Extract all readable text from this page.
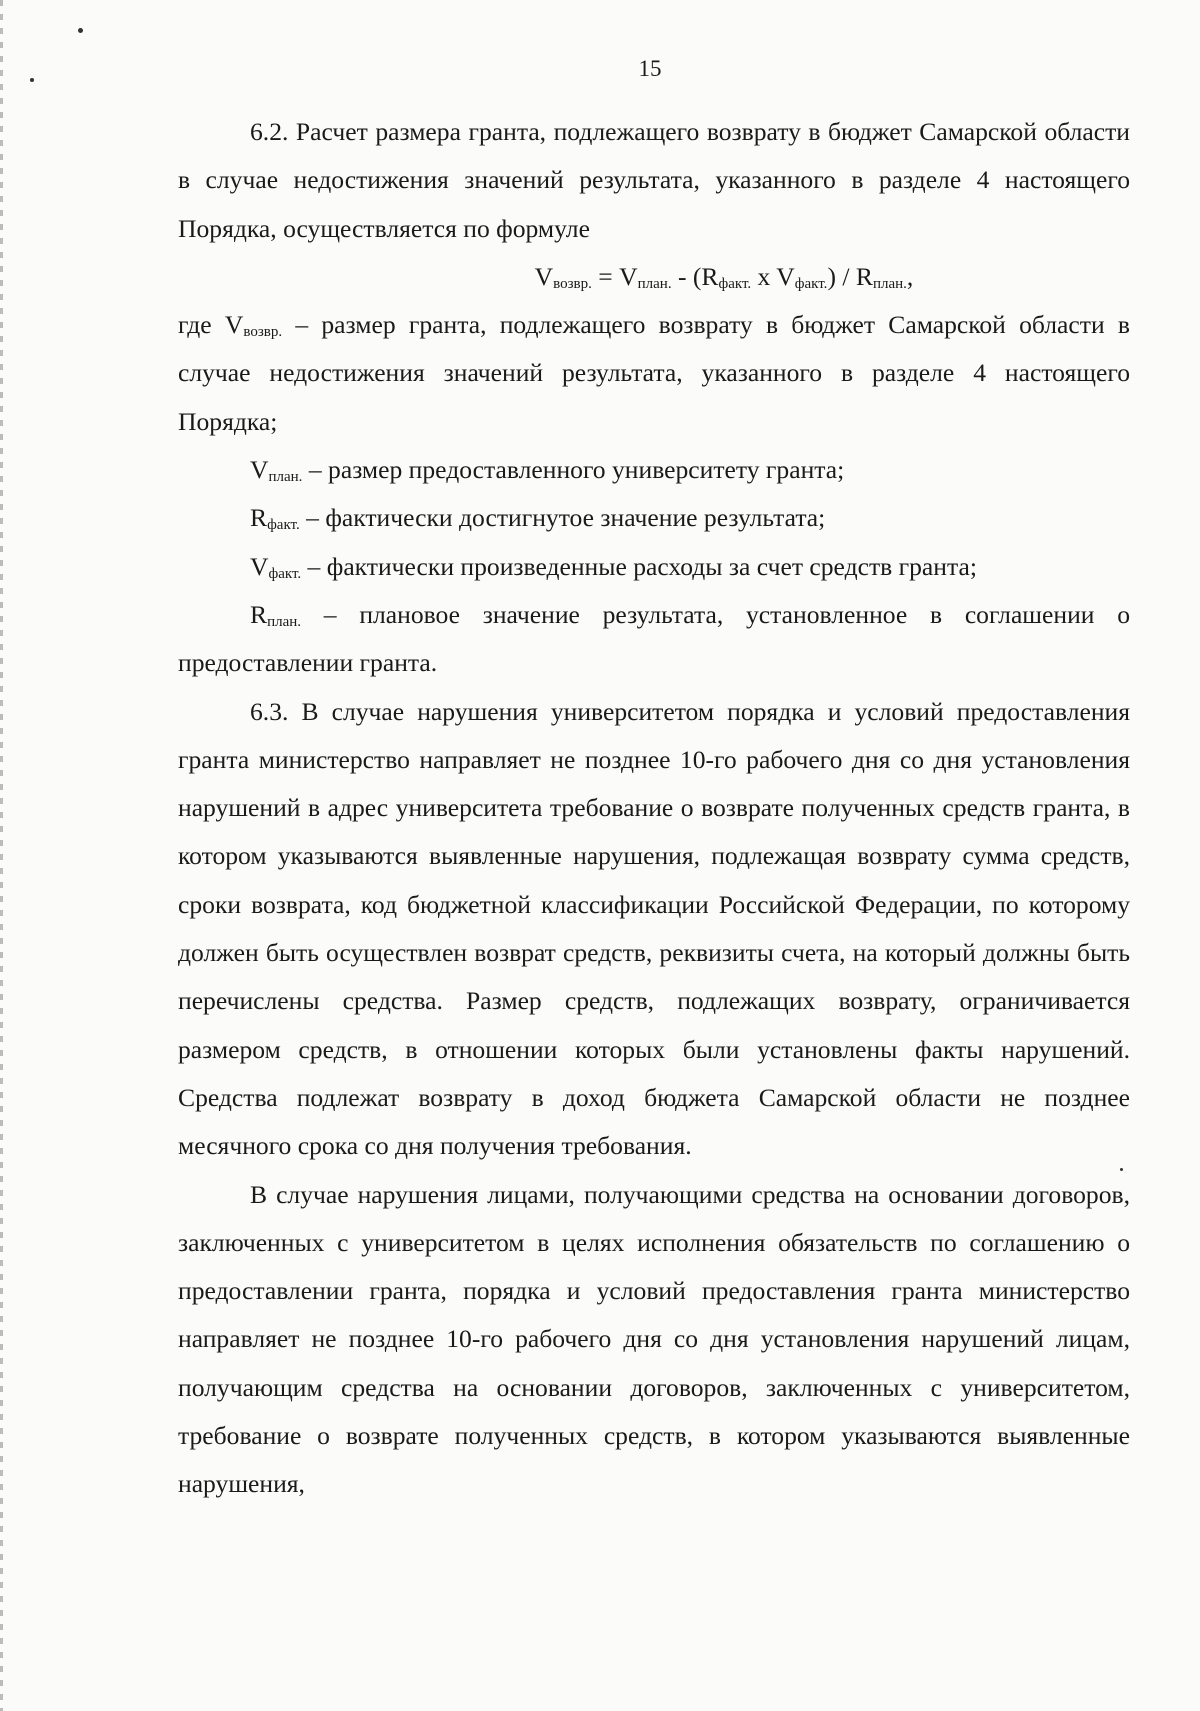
15

6.2. Расчет размера гранта, подлежащего возврату в бюджет Самарской области в случае недостижения значений результата, указанного в разделе 4 настоящего Порядка, осуществляется по формуле

$V_{возвр.} = V_{план.} - (R_{факт.}$ x $V_{факт.}) / R_{план.}$,

где $V_{возвр.}$ – размер гранта, подлежащего возврату в бюджет Самарской области в случае недостижения значений результата, указанного в разделе 4 настоящего Порядка;

$V_{план.}$ – размер предоставленного университету гранта;

$R_{факт.}$ – фактически достигнутое значение результата;

$V_{факт.}$ – фактически произведенные расходы за счет средств гранта;

$R_{план.}$ – плановое значение результата, установленное в соглашении о предоставлении гранта.

6.3. В случае нарушения университетом порядка и условий предоставления гранта министерство направляет не позднее 10-го рабочего дня со дня установления нарушений в адрес университета требование о возврате полученных средств гранта, в котором указываются выявленные нарушения, подлежащая возврату сумма средств, сроки возврата, код бюджетной классификации Российской Федерации, по которому должен быть осуществлен возврат средств, реквизиты счета, на который должны быть перечислены средства. Размер средств, подлежащих возврату, ограничивается размером средств, в отношении которых были установлены факты нарушений. Средства подлежат возврату в доход бюджета Самарской области не позднее месячного срока со дня получения требования.

В случае нарушения лицами, получающими средства на основании договоров, заключенных с университетом в целях исполнения обязательств по соглашению о предоставлении гранта, порядка и условий предоставления гранта министерство направляет не позднее 10-го рабочего дня со дня установления нарушений лицам, получающим средства на основании договоров, заключенных с университетом, требование о возврате полученных средств, в котором указываются выявленные нарушения,
